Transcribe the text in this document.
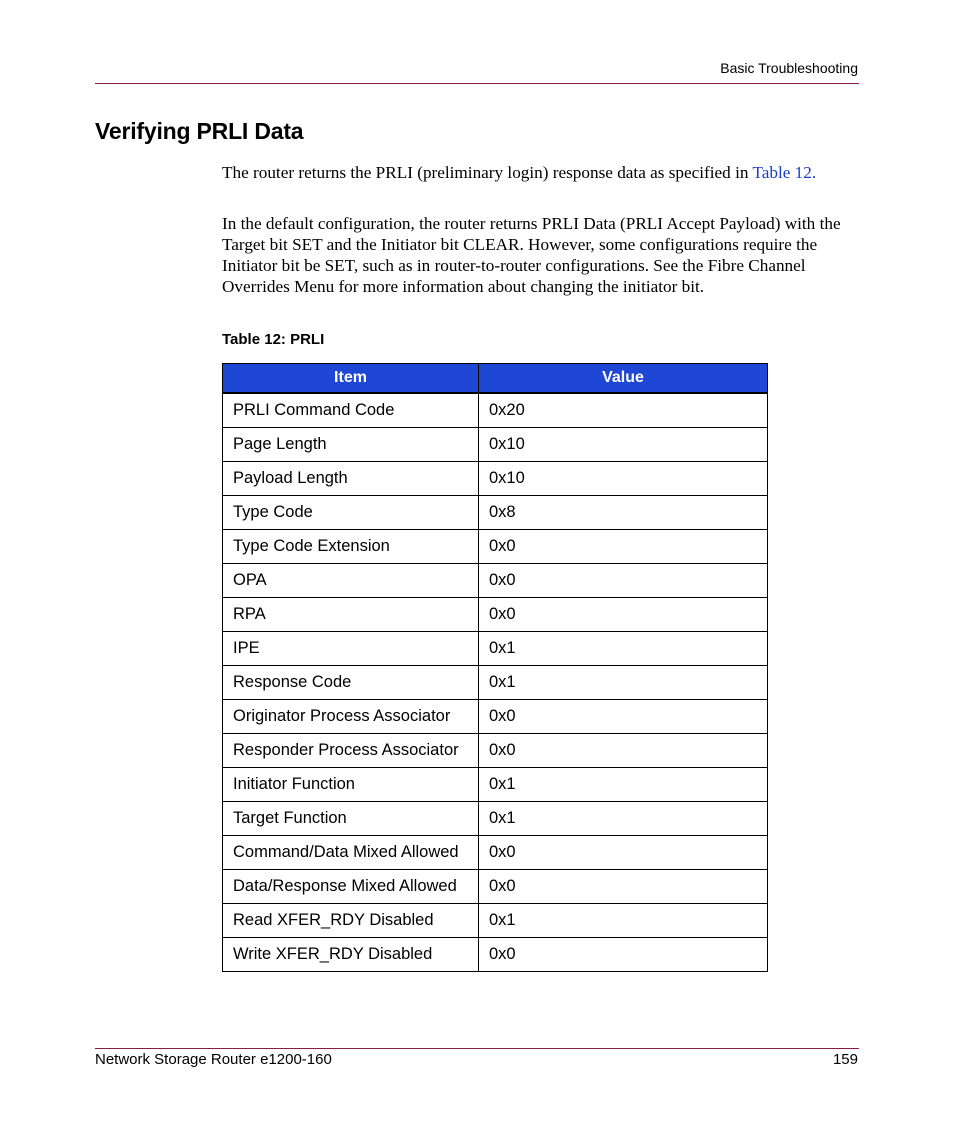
Basic Troubleshooting
Verifying PRLI Data

The router returns the PRLI (preliminary login) response data as specified in Table 12.

In the default configuration, the router returns PRLI Data (PRLI Accept Payload) with the Target bit SET and the Initiator bit CLEAR. However, some configurations require the Initiator bit be SET, such as in router-to-router configurations. See the Fibre Channel Overrides Menu for more information about changing the initiator bit.

Table 12: PRLI
Item	Value
PRLI Command Code	0x20
Page Length	0x10
Payload Length	0x10
Type Code	0x8
Type Code Extension	0x0
OPA	0x0
RPA	0x0
IPE	0x1
Response Code	0x1
Originator Process Associator	0x0
Responder Process Associator	0x0
Initiator Function	0x1
Target Function	0x1
Command/Data Mixed Allowed	0x0
Data/Response Mixed Allowed	0x0
Read XFER_RDY Disabled	0x1
Write XFER_RDY Disabled	0x0
Network Storage Router e1200-160	159
